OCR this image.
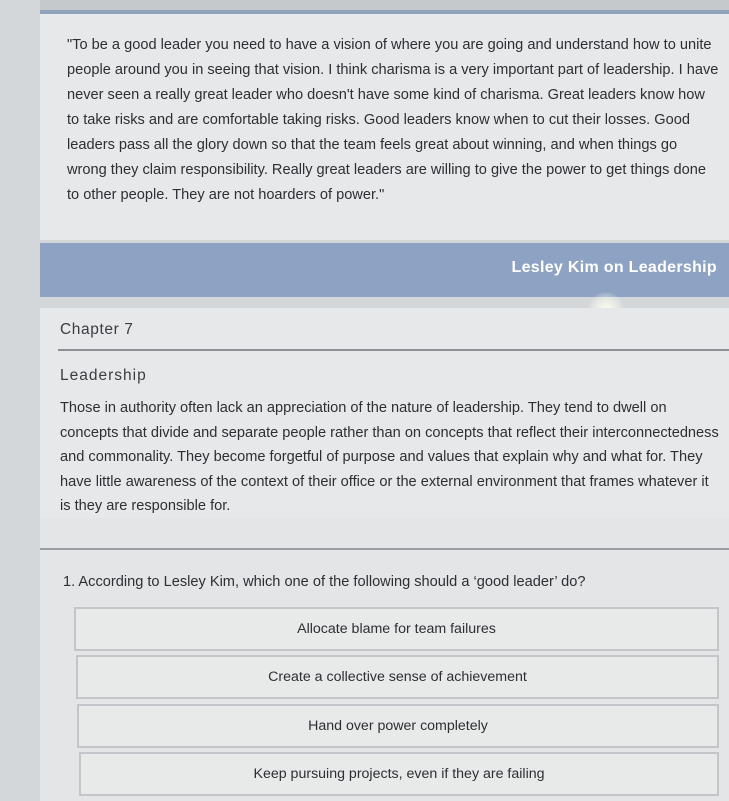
"To be a good leader you need to have a vision of where you are going and understand how to unite people around you in seeing that vision. I think charisma is a very important part of leadership. I have never seen a really great leader who doesn't have some kind of charisma. Great leaders know how to take risks and are comfortable taking risks. Good leaders know when to cut their losses. Good leaders pass all the glory down so that the team feels great about winning, and when things go wrong they claim responsibility. Really great leaders are willing to give the power to get things done to other people. They are not hoarders of power."

Lesley Kim on Leadership
Chapter 7
Leadership

Those in authority often lack an appreciation of the nature of leadership. They tend to dwell on concepts that divide and separate people rather than on concepts that reflect their interconnectedness and commonality. They become forgetful of purpose and values that explain why and what for. They have little awareness of the context of their office or the external environment that frames whatever it is they are responsible for.

1. According to Lesley Kim, which one of the following should a ‘good leader’ do?
Allocate blame for team failures
Create a collective sense of achievement
Hand over power completely
Keep pursuing projects, even if they are failing
